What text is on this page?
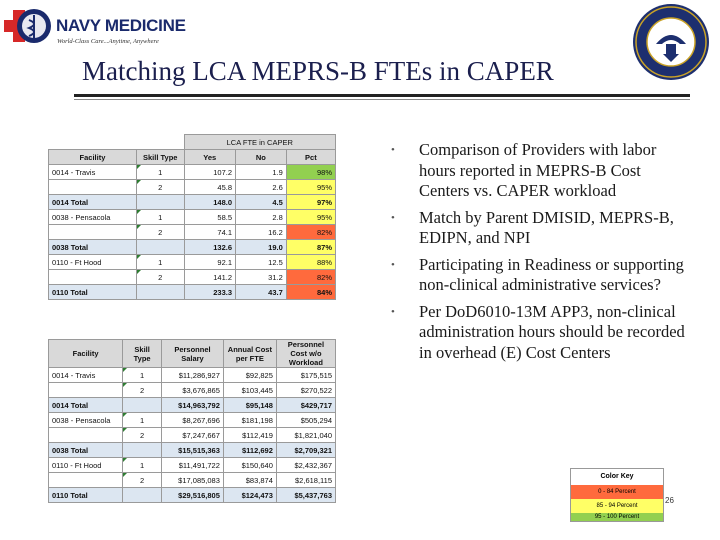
NAVY MEDICINE
World-Class Care...Anytime, Anywhere
Matching LCA MEPRS-B FTEs in CAPER
		LCA FTE in CAPER		
Facility	Skill Type	Yes	No	Pct
0014 - Travis	1	107.2	1.9	98%
	2	45.8	2.6	95%
0014 Total		148.0	4.5	97%
0038 - Pensacola	1	58.5	2.8	95%
	2	74.1	16.2	82%
0038 Total		132.6	19.0	87%
0110 - Ft Hood	1	92.1	12.5	88%
	2	141.2	31.2	82%
0110 Total		233.3	43.7	84%
Facility	Skill Type	Personnel Salary	Annual Cost per FTE	Personnel Cost w/o Workload
0014 - Travis	1	$11,286,927	$92,825	$175,515
	2	$3,676,865	$103,445	$270,522
0014 Total		$14,963,792	$95,148	$429,717
0038 - Pensacola	1	$8,267,696	$181,198	$505,294
	2	$7,247,667	$112,419	$1,821,040
0038 Total		$15,515,363	$112,692	$2,709,321
0110 - Ft Hood	1	$11,491,722	$150,640	$2,432,367
	2	$17,085,083	$83,874	$2,618,115
0110 Total		$29,516,805	$124,473	$5,437,763
• Comparison of Providers with labor hours reported in MEPRS-B Cost Centers vs. CAPER workload
• Match by Parent DMISID, MEPRS-B, EDIPN, and NPI
• Participating in Readiness or supporting non-clinical administrative services?
• Per DoD6010-13M APP3, non-clinical administration hours should be recorded in overhead (E) Cost Centers
Color Key
0 - 84 Percent
85 - 94 Percent
95 - 100 Percent
26
